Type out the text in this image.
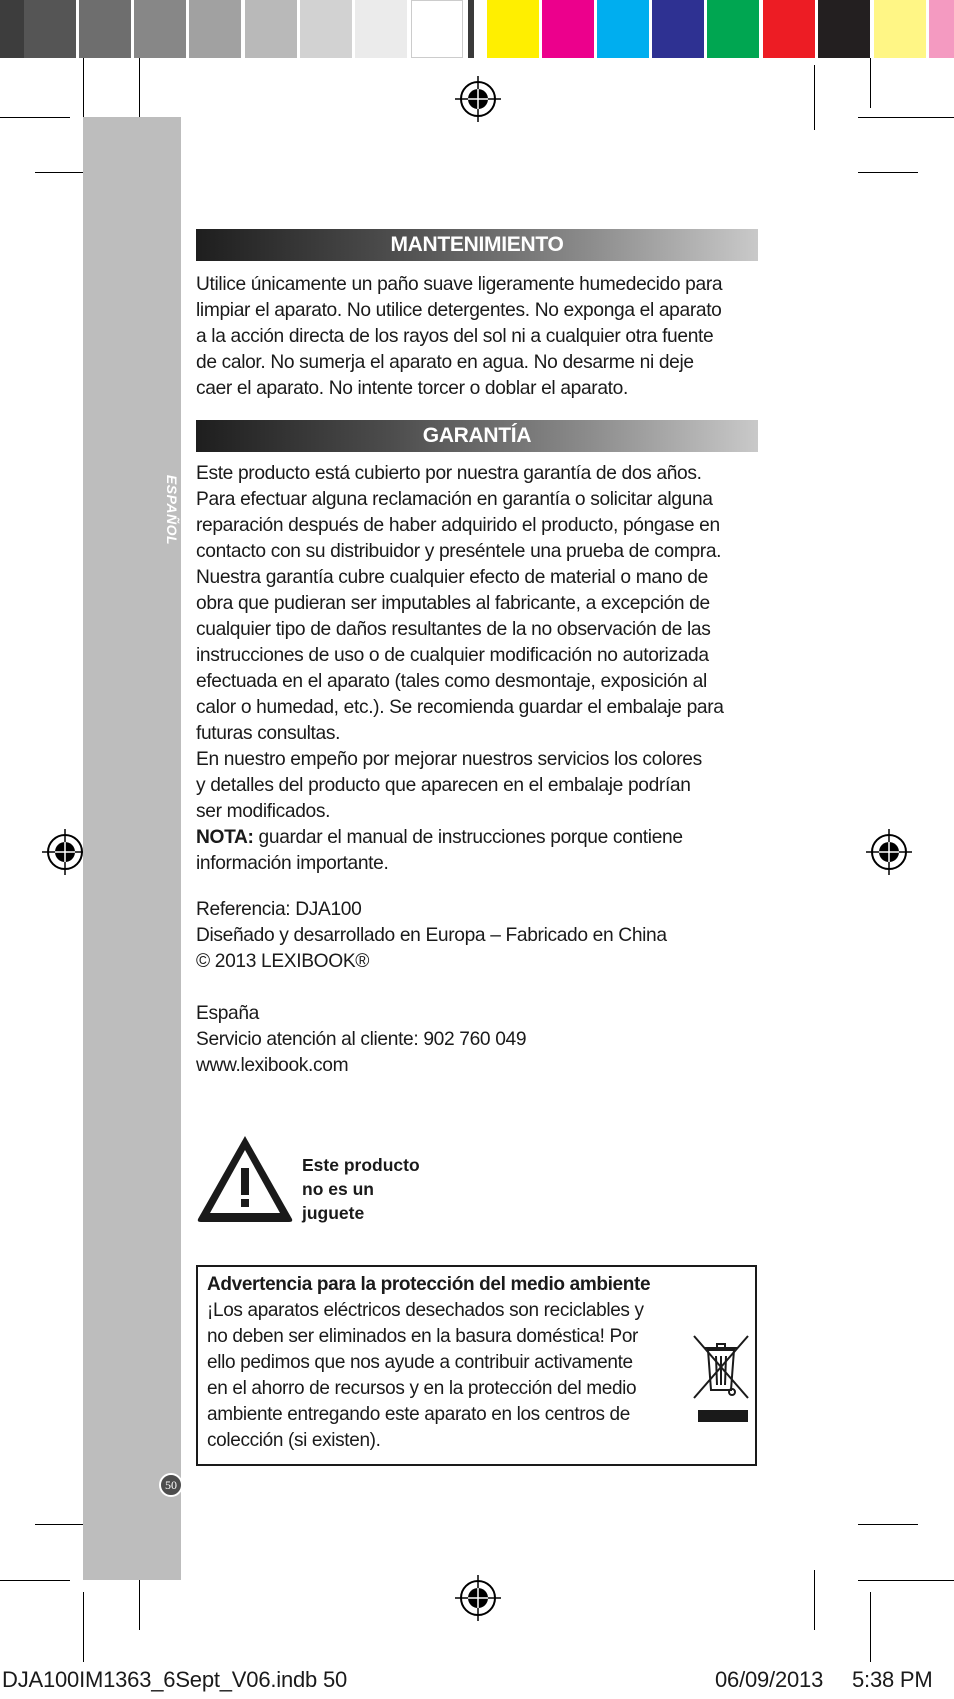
ESPAÑOL
50
MANTENIMIENTO

Utilice únicamente un paño suave ligeramente humedecido para
limpiar el aparato. No utilice detergentes. No exponga el aparato
a la acción directa de los rayos del sol ni a cualquier otra fuente
de calor. No sumerja el aparato en agua. No desarme ni deje
caer el aparato. No intente torcer o doblar el aparato.

GARANTÍA

Este producto está cubierto por nuestra garantía de dos años.
Para efectuar alguna reclamación en garantía o solicitar alguna
reparación después de haber adquirido el producto, póngase en
contacto con su distribuidor y preséntele una prueba de compra.
Nuestra garantía cubre cualquier efecto de material o mano de
obra que pudieran ser imputables al fabricante, a excepción de
cualquier tipo de daños resultantes de la no observación de las
instrucciones de uso o de cualquier modificación no autorizada
efectuada en el aparato (tales como desmontaje, exposición al
calor o humedad, etc.). Se recomienda guardar el embalaje para
futuras consultas.
En nuestro empeño por mejorar nuestros servicios los colores
y detalles del producto que aparecen en el embalaje podrían
ser modificados.
NOTA: guardar el manual de instrucciones porque contiene
información importante.

Referencia: DJA100
Diseñado y desarrollado en Europa – Fabricado en China
© 2013 LEXIBOOK®

España
Servicio atención al cliente: 902 760 049
www.lexibook.com

Este producto
no es un
juguete
Advertencia para la protección del medio ambiente
¡Los aparatos eléctricos desechados son reciclables y
no deben ser eliminados en la basura doméstica! Por
ello pedimos que nos ayude a contribuir activamente
en el ahorro de recursos y en la protección del medio
ambiente entregando este aparato en los centros de
colección (si existen).
DJA100IM1363_6Sept_V06.indb 50	06/09/2013 5:38 PM
